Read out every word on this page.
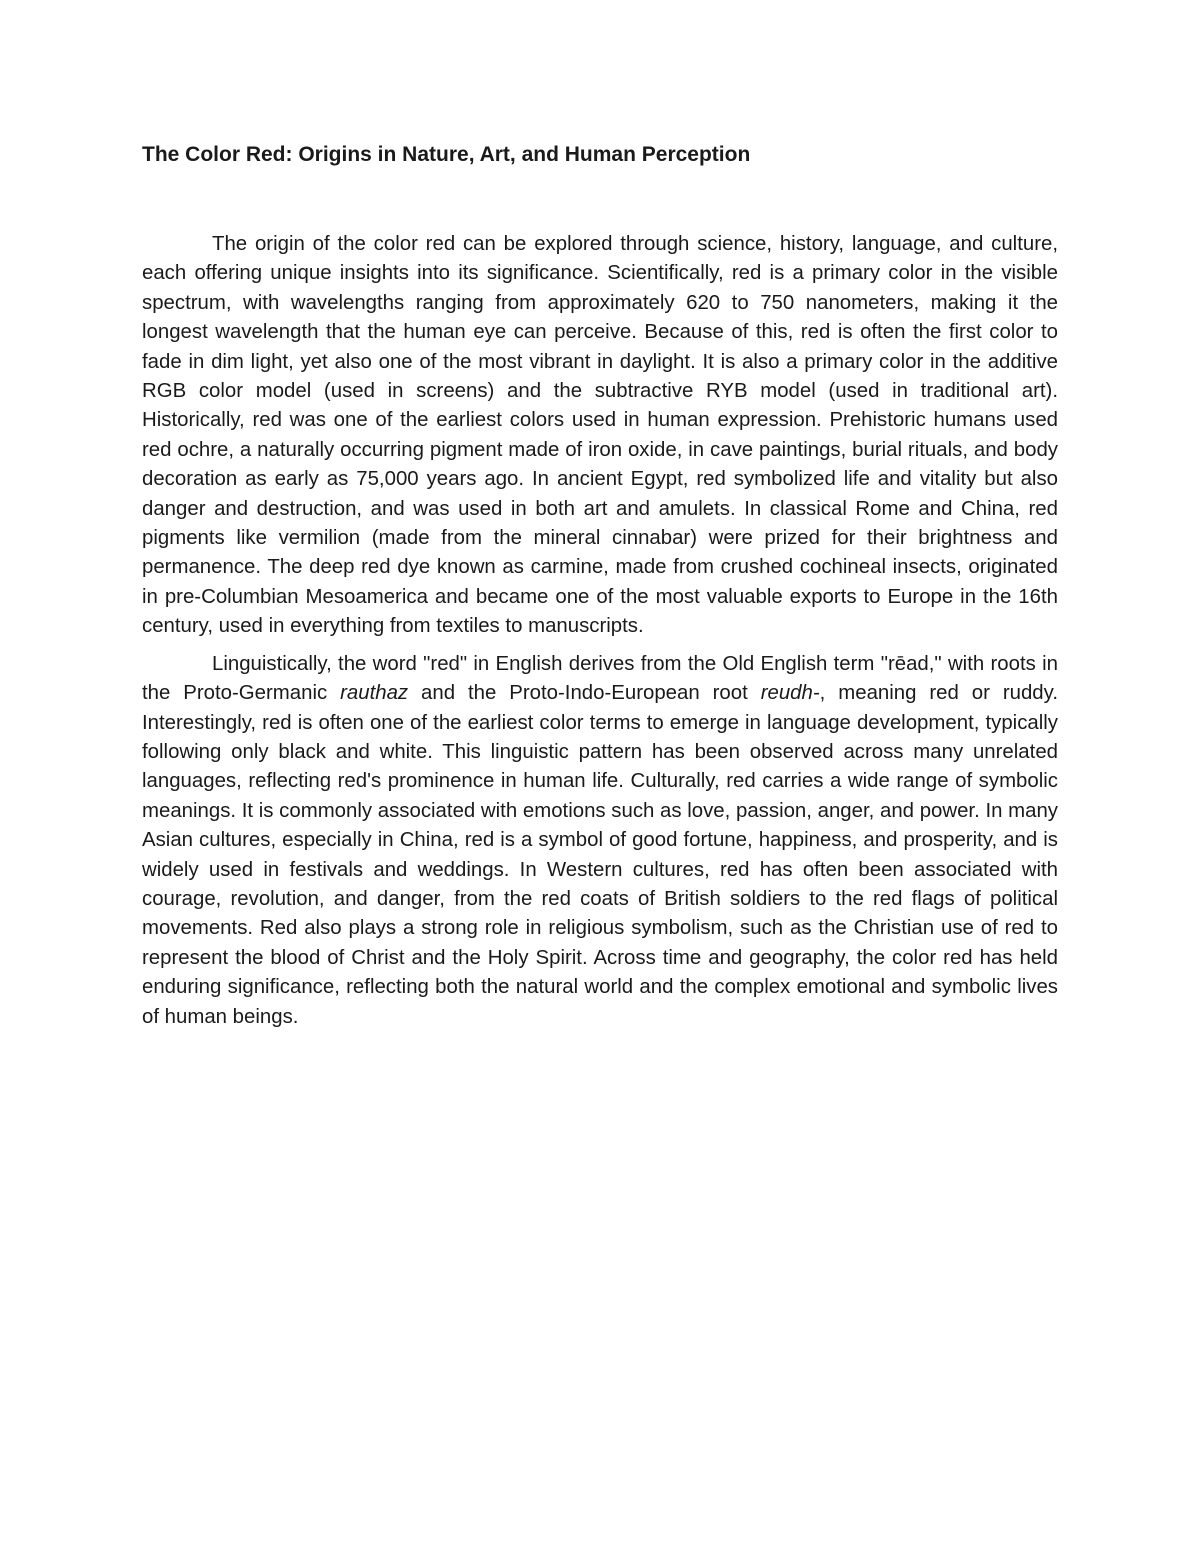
The Color Red: Origins in Nature, Art, and Human Perception

The origin of the color red can be explored through science, history, language, and culture, each offering unique insights into its significance. Scientifically, red is a primary color in the visible spectrum, with wavelengths ranging from approximately 620 to 750 nanometers, making it the longest wavelength that the human eye can perceive. Because of this, red is often the first color to fade in dim light, yet also one of the most vibrant in daylight. It is also a primary color in the additive RGB color model (used in screens) and the subtractive RYB model (used in traditional art). Historically, red was one of the earliest colors used in human expression. Prehistoric humans used red ochre, a naturally occurring pigment made of iron oxide, in cave paintings, burial rituals, and body decoration as early as 75,000 years ago. In ancient Egypt, red symbolized life and vitality but also danger and destruction, and was used in both art and amulets. In classical Rome and China, red pigments like vermilion (made from the mineral cinnabar) were prized for their brightness and permanence. The deep red dye known as carmine, made from crushed cochineal insects, originated in pre-Columbian Mesoamerica and became one of the most valuable exports to Europe in the 16th century, used in everything from textiles to manuscripts.

Linguistically, the word "red" in English derives from the Old English term "rēad," with roots in the Proto-Germanic rauthaz and the Proto-Indo-European root reudh-, meaning red or ruddy. Interestingly, red is often one of the earliest color terms to emerge in language development, typically following only black and white. This linguistic pattern has been observed across many unrelated languages, reflecting red's prominence in human life. Culturally, red carries a wide range of symbolic meanings. It is commonly associated with emotions such as love, passion, anger, and power. In many Asian cultures, especially in China, red is a symbol of good fortune, happiness, and prosperity, and is widely used in festivals and weddings. In Western cultures, red has often been associated with courage, revolution, and danger, from the red coats of British soldiers to the red flags of political movements. Red also plays a strong role in religious symbolism, such as the Christian use of red to represent the blood of Christ and the Holy Spirit. Across time and geography, the color red has held enduring significance, reflecting both the natural world and the complex emotional and symbolic lives of human beings.
